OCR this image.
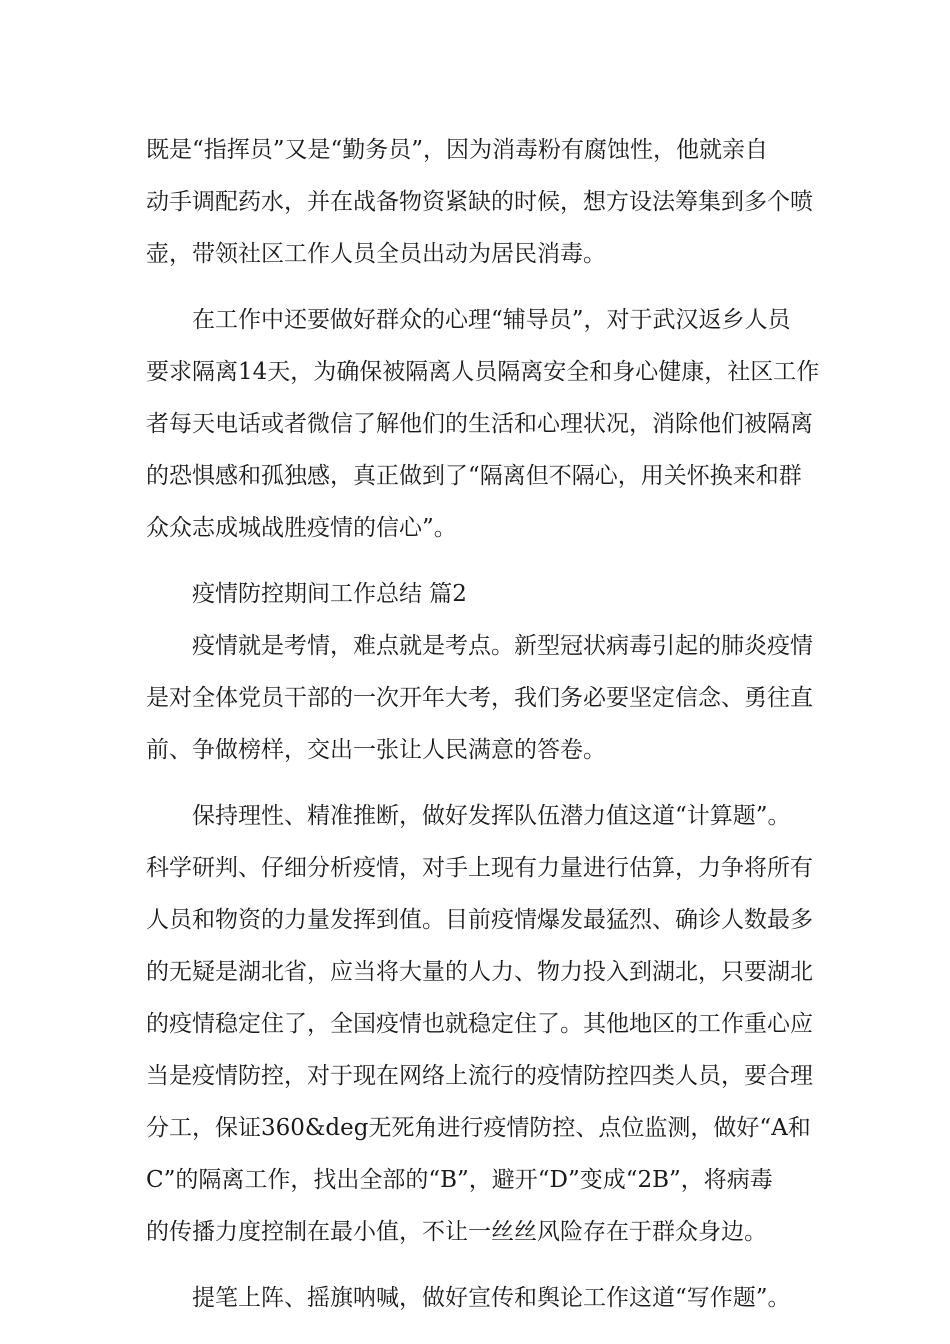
既是“指挥员”又是“勤务员”，因为消毒粉有腐蚀性，他就亲自
动手调配药水，并在战备物资紧缺的时候，想方设法筹集到多个喷
壶，带领社区工作人员全员出动为居民消毒。
在工作中还要做好群众的心理“辅导员”，对于武汉返乡人员
要求隔离14天，为确保被隔离人员隔离安全和身心健康，社区工作
者每天电话或者微信了解他们的生活和心理状况，消除他们被隔离
的恐惧感和孤独感，真正做到了“隔离但不隔心，用关怀换来和群
众众志成城战胜疫情的信心”。
疫情防控期间工作总结 篇2
疫情就是考情，难点就是考点。新型冠状病毒引起的肺炎疫情
是对全体党员干部的一次开年大考，我们务必要坚定信念、勇往直
前、争做榜样，交出一张让人民满意的答卷。
保持理性、精准推断，做好发挥队伍潜力值这道“计算题”。
科学研判、仔细分析疫情，对手上现有力量进行估算，力争将所有
人员和物资的力量发挥到值。目前疫情爆发最猛烈、确诊人数最多
的无疑是湖北省，应当将大量的人力、物力投入到湖北，只要湖北
的疫情稳定住了，全国疫情也就稳定住了。其他地区的工作重心应
当是疫情防控，对于现在网络上流行的疫情防控四类人员，要合理
分工，保证360&deg无死角进行疫情防控、点位监测，做好“A和
C”的隔离工作，找出全部的“B”，避开“D”变成“2B”，将病毒
的传播力度控制在最小值，不让一丝丝风险存在于群众身边。
提笔上阵、摇旗呐喊，做好宣传和舆论工作这道“写作题”。
